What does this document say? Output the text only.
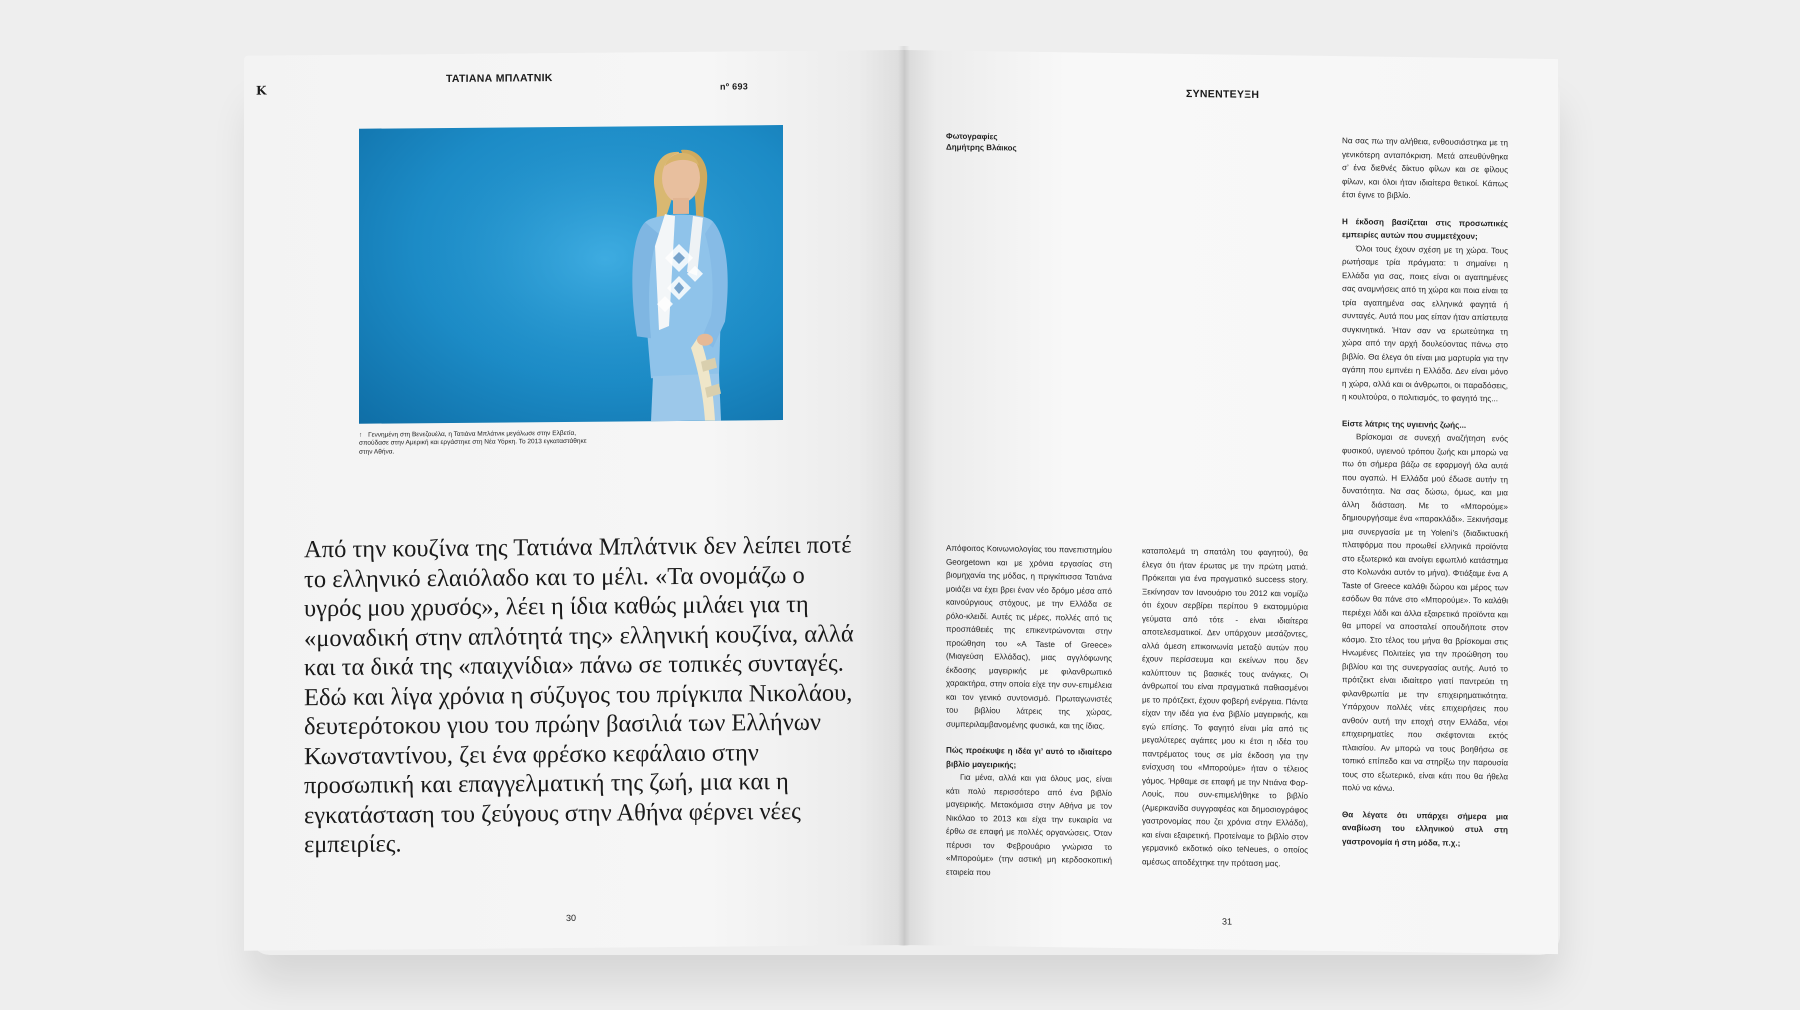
K
ΤΑΤΙΑΝΑ ΜΠΛΑΤΝΙΚ
nº 693
↑ Γεννημένη στη Βενεζουέλα, η Τατιάνα Μπλάτνικ μεγάλωσε στην Ελβετία, σπούδασε στην Αμερική και εργάστηκε στη Νέα Υόρκη. Το 2013 εγκαταστάθηκε στην Αθήνα.
Από την κουζίνα της Τατιάνα Μπλάτνικ δεν λείπει ποτέ το ελληνικό ελαιόλαδο και το μέλι. «Τα ονομάζω ο υγρός μου χρυσός», λέει η ίδια καθώς μιλάει για τη «μοναδική στην απλότητά της» ελληνική κουζίνα, αλλά και τα δικά της «παιχνίδια» πάνω σε τοπικές συνταγές. Εδώ και λίγα χρόνια η σύζυγος του πρίγκιπα Νικολάου, δευτερότοκου γιου του πρώην βασιλιά των Ελλήνων Κωνσταντίνου, ζει ένα φρέσκο κεφάλαιο στην προσωπική και επαγγελματική της ζωή, μια και η εγκατάσταση του ζεύγους στην Αθήνα φέρνει νέες εμπειρίες.
30
ΣΥΝΕΝΤΕΥΞΗ
Φωτογραφίες
Δημήτρης Βλάικος

Απόφοιτος Κοινωνιολογίας του πανεπιστημίου Georgetown και με χρόνια εργασίας στη βιομηχανία της μόδας, η πριγκίπισσα Τατιάνα μοιάζει να έχει βρει έναν νέο δρόμο μέσα από καινούργιους στόχους, με την Ελλάδα σε ρόλο-κλειδί. Αυτές τις μέρες, πολλές από τις προσπάθειές της επικεντρώνονται στην προώθηση του «A Taste of Greece» (Μιαγεύση Ελλάδας), μιας αγγλόφωνης έκδοσης μαγειρικής με φιλανθρωπικό χαρακτήρα, στην οποία είχε την συν-επιμέλεια και τον γενικό συντονισμό. Πρωταγωνιστές του βιβλίου λάτρεις της χώρας, συμπεριλαμβανομένης φυσικά, και της ίδιας.

Πώς προέκυψε η ιδέα γι’ αυτό το ιδιαίτερο βιβλίο μαγειρικής;

Για μένα, αλλά και για όλους μας, είναι κάτι πολύ περισσότερο από ένα βιβλίο μαγειρικής. Μετακόμισα στην Αθήνα με τον Νικόλαο το 2013 και είχα την ευκαιρία να έρθω σε επαφή με πολλές οργανώσεις. Όταν πέρυσι τον Φεβρουάριο γνώρισα το «Μπορούμε» (την αστική μη κερδοσκοπική εταιρεία που

καταπολεμά τη σπατάλη του φαγητού), θα έλεγα ότι ήταν έρωτας με την πρώτη ματιά. Πρόκειται για ένα πραγματικό success story. Ξεκίνησαν τον Ιανουάριο του 2012 και νομίζω ότι έχουν σερβίρει περίπου 9 εκατομμύρια γεύματα από τότε - είναι ιδιαίτερα αποτελεσματικοί. Δεν υπάρχουν μεσάζοντες, αλλά άμεση επικοινωνία μεταξύ αυτών που έχουν περίσσευμα και εκείνων που δεν καλύπτουν τις βασικές τους ανάγκες. Οι άνθρωποί του είναι πραγματικά παθιασμένοι με το πρότζεκτ, έχουν φοβερή ενέργεια. Πάντα είχαν την ιδέα για ένα βιβλίο μαγειρικής, και εγώ επίσης. Το φαγητό είναι μία από τις μεγαλύτερες αγάπες μου κι έτσι η ιδέα του παντρέματος τους σε μία έκδοση για την ενίσχυση του «Μπορούμε» ήταν ο τέλειος γάμος. Ήρθαμε σε επαφή με την Ντιάνα Φαρ-Λουίς, που συν-επιμελήθηκε το βιβλίο (Αμερικανίδα συγγραφέας και δημοσιογράφος γαστρονομίας που ζει χρόνια στην Ελλάδα), και είναι εξαιρετική. Προτείναμε το βιβλίο στον γερμανικό εκδοτικό οίκο teNeues, ο οποίος αμέσως αποδέχτηκε την πρόταση μας.

Να σας πω την αλήθεια, ενθουσιάστηκα με τη γενικότερη ανταπόκριση. Μετά απευθύνθηκα σ’ ένα διεθνές δίκτυο φίλων και σε φίλους φίλων, και όλοι ήταν ιδιαίτερα θετικοί. Κάπως έτσι έγινε το βιβλίο.

Η έκδοση βασίζεται στις προσωπικές εμπειρίες αυτών που συμμετέχουν;

Όλοι τους έχουν σχέση με τη χώρα. Τους ρωτήσαμε τρία πράγματα: τι σημαίνει η Ελλάδα για σας, ποιες είναι οι αγαπημένες σας αναμνήσεις από τη χώρα και ποια είναι τα τρία αγαπημένα σας ελληνικά φαγητά ή συνταγές. Αυτά που μας είπαν ήταν απίστευτα συγκινητικά. Ήταν σαν να ερωτεύτηκα τη χώρα από την αρχή δουλεύοντας πάνω στο βιβλίο. Θα έλεγα ότι είναι μια μαρτυρία για την αγάπη που εμπνέει η Ελλάδα. Δεν είναι μόνο η χώρα, αλλά και οι άνθρωποι, οι παραδόσεις, η κουλτούρα, ο πολιτισμός, το φαγητό της...

Είστε λάτρις της υγιεινής ζωής...

Βρίσκομαι σε συνεχή αναζήτηση ενός φυσικού, υγιεινού τρόπου ζωής και μπορώ να πω ότι σήμερα βάζω σε εφαρμογή όλα αυτά που αγαπώ. Η Ελλάδα μού έδωσε αυτήν τη δυνατότητα. Να σας δώσω, όμως, και μια άλλη διάσταση. Με το «Μπορούμε» δημιουργήσαμε ένα «παρακλάδι». Ξεκινήσαμε μια συνεργασία με τη Yoleni’s (διαδικτυακή πλατφόρμα που προωθεί ελληνικά προϊόντα στο εξωτερικό και ανοίγει εφωπλιό κατάστημα στο Κολωνάκι αυτόν το μήνα). Φτιάξαμε ένα A Taste of Greece καλάθι δώρου και μέρος των εσόδων θα πάνε στο «Μπορούμε». Το καλάθι περιέχει λάδι και άλλα εξαιρετικά προϊόντα και θα μπορεί να αποσταλεί οπουδήποτε στον κόσμο. Στο τέλος του μήνα θα βρίσκομαι στις Ηνωμένες Πολιτείες για την προώθηση του βιβλίου και της συνεργασίας αυτής. Αυτό το πρότζεκτ είναι ιδιαίτερο γιατί παντρεύει τη φιλανθρωπία με την επιχειρηματικότητα. Υπάρχουν πολλές νέες επιχειρήσεις που ανθούν αυτή την εποχή στην Ελλάδα, νέοι επιχειρηματίες που σκέφτονται εκτός πλαισίου. Αν μπορώ να τους βοηθήσω σε τοπικό επίπεδο και να στηρίξω την παρουσία τους στο εξωτερικό, είναι κάτι που θα ήθελα πολύ να κάνω.

Θα λέγατε ότι υπάρχει σήμερα μια αναβίωση του ελληνικού στυλ στη γαστρονομία ή στη μόδα, π.χ.;

31
